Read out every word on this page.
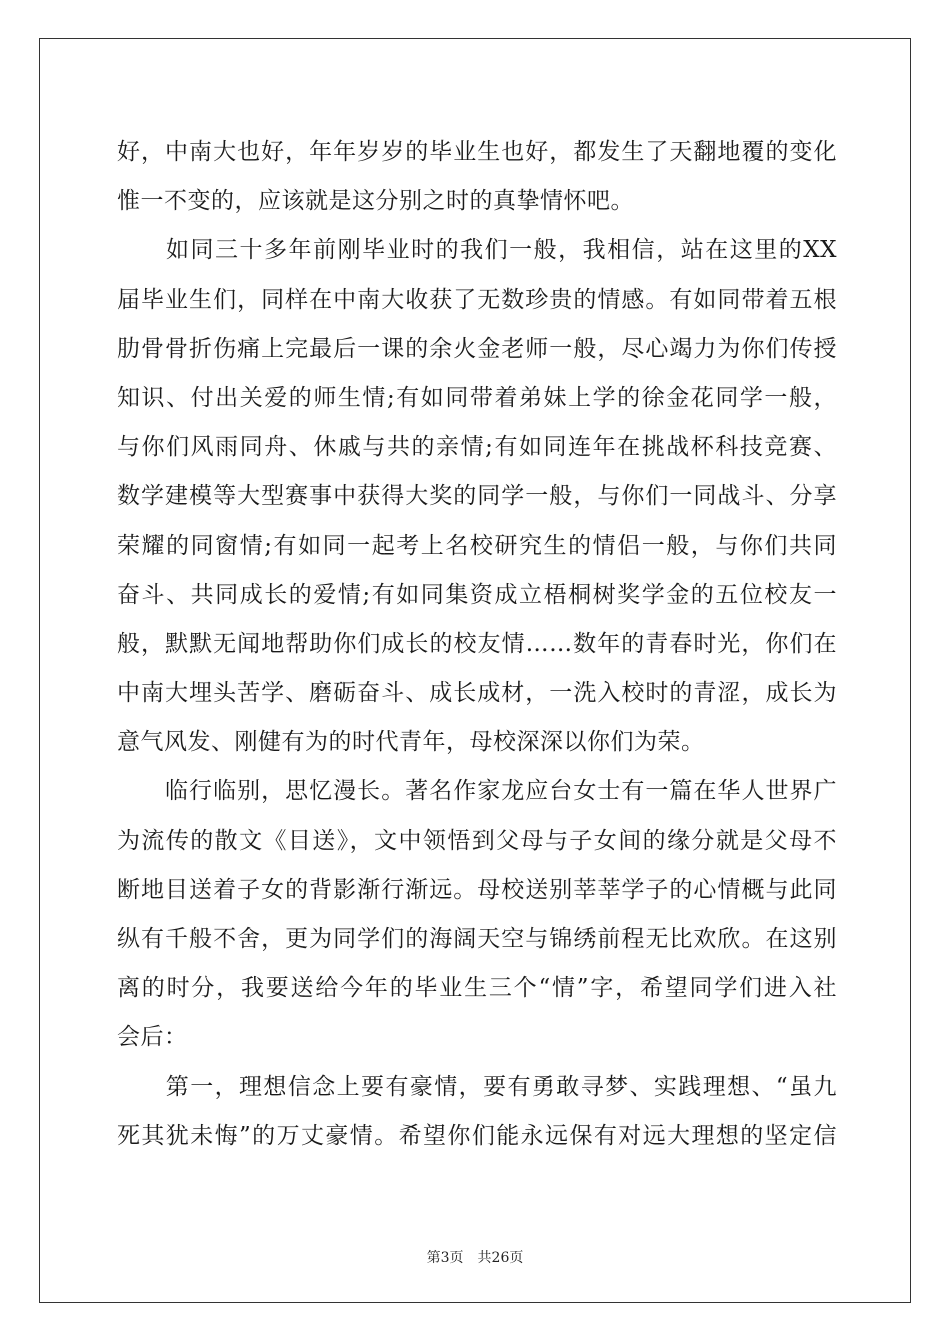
好，中南大也好，年年岁岁的毕业生也好，都发生了天翻地覆的变化
惟一不变的，应该就是这分别之时的真挚情怀吧。
　　如同三十多年前刚毕业时的我们一般，我相信，站在这里的XX
届毕业生们，同样在中南大收获了无数珍贵的情感。有如同带着五根
肋骨骨折伤痛上完最后一课的余火金老师一般，尽心竭力为你们传授
知识、付出关爱的师生情;有如同带着弟妹上学的徐金花同学一般，
与你们风雨同舟、休戚与共的亲情;有如同连年在挑战杯科技竞赛、
数学建模等大型赛事中获得大奖的同学一般，与你们一同战斗、分享
荣耀的同窗情;有如同一起考上名校研究生的情侣一般，与你们共同
奋斗、共同成长的爱情;有如同集资成立梧桐树奖学金的五位校友一
般，默默无闻地帮助你们成长的校友情……数年的青春时光，你们在
中南大埋头苦学、磨砺奋斗、成长成材，一洗入校时的青涩，成长为
意气风发、刚健有为的时代青年，母校深深以你们为荣。
　　临行临别，思忆漫长。著名作家龙应台女士有一篇在华人世界广
为流传的散文《目送》，文中领悟到父母与子女间的缘分就是父母不
断地目送着子女的背影渐行渐远。母校送别莘莘学子的心情概与此同
纵有千般不舍，更为同学们的海阔天空与锦绣前程无比欢欣。在这别
离的时分，我要送给今年的毕业生三个“情”字，希望同学们进入社
会后：
　　第一，理想信念上要有豪情，要有勇敢寻梦、实践理想、“虽九
死其犹未悔”的万丈豪情。希望你们能永远保有对远大理想的坚定信
第3页 共26页
